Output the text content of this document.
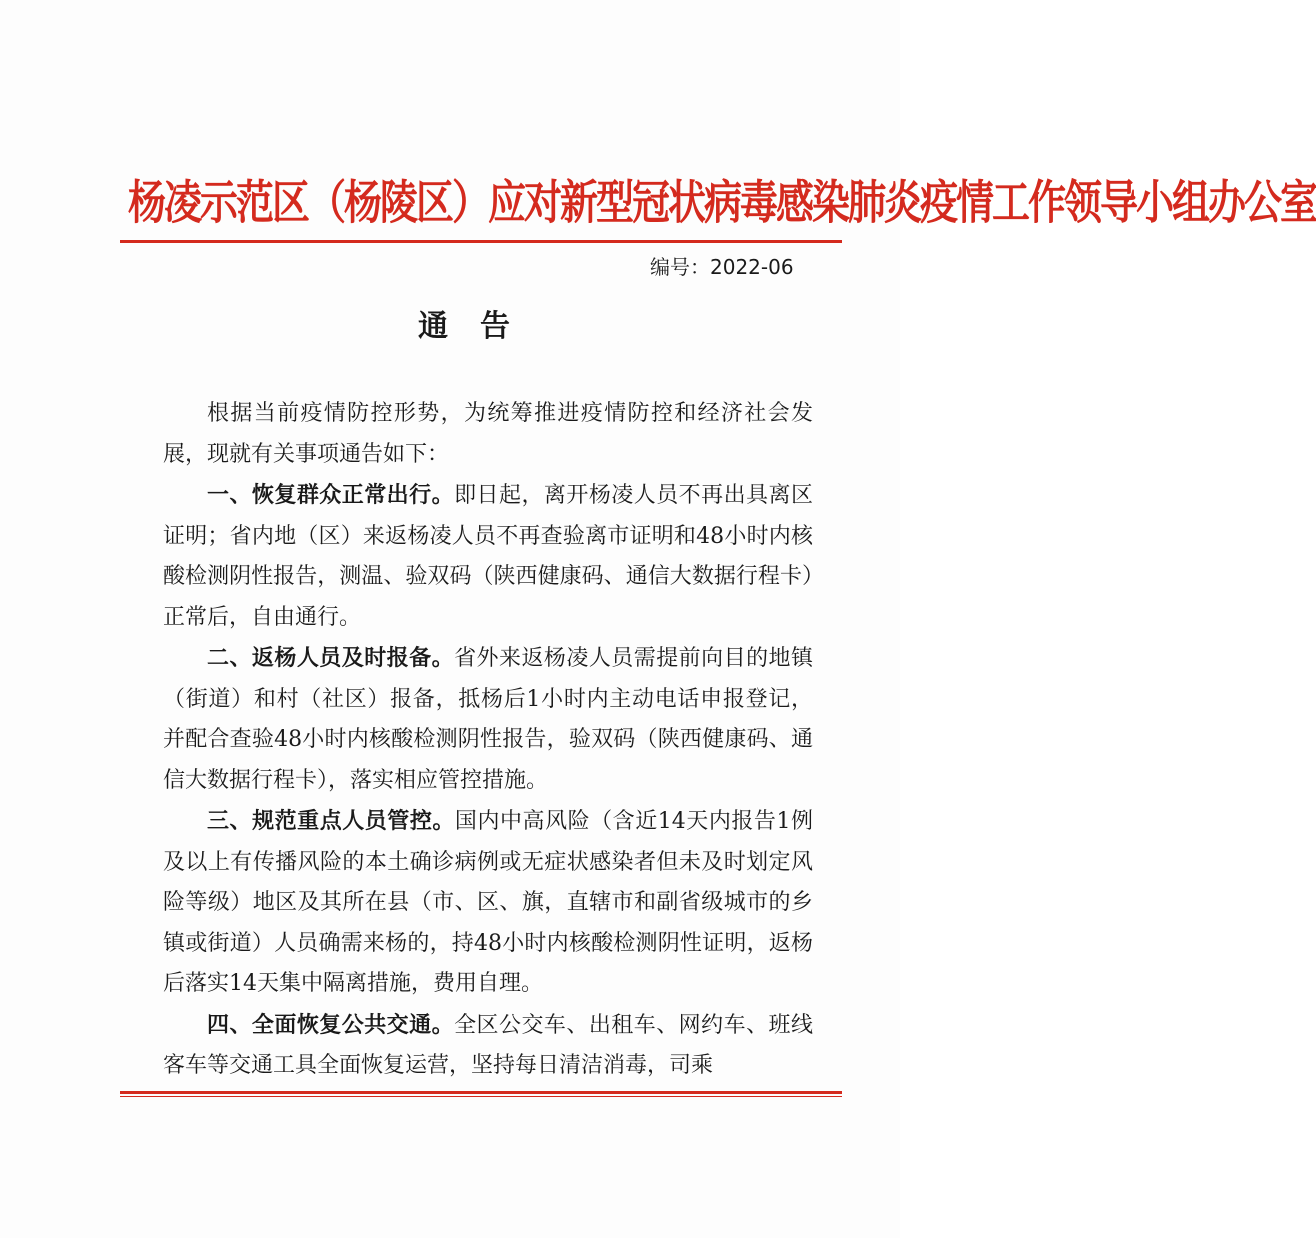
杨凌示范区（杨陵区）应对新型冠状病毒感染肺炎疫情工作领导小组办公室
编号：2022-06
通告

根据当前疫情防控形势，为统筹推进疫情防控和经济社会发展，现就有关事项通告如下：

一、恢复群众正常出行。即日起，离开杨凌人员不再出具离区证明；省内地（区）来返杨凌人员不再查验离市证明和48小时内核酸检测阴性报告，测温、验双码（陕西健康码、通信大数据行程卡）正常后，自由通行。

二、返杨人员及时报备。省外来返杨凌人员需提前向目的地镇（街道）和村（社区）报备，抵杨后1小时内主动电话申报登记，并配合查验48小时内核酸检测阴性报告，验双码（陕西健康码、通信大数据行程卡），落实相应管控措施。

三、规范重点人员管控。国内中高风险（含近14天内报告1例及以上有传播风险的本土确诊病例或无症状感染者但未及时划定风险等级）地区及其所在县（市、区、旗，直辖市和副省级城市的乡镇或街道）人员确需来杨的，持48小时内核酸检测阴性证明，返杨后落实14天集中隔离措施，费用自理。

四、全面恢复公共交通。全区公交车、出租车、网约车、班线客车等交通工具全面恢复运营，坚持每日清洁消毒，司乘
